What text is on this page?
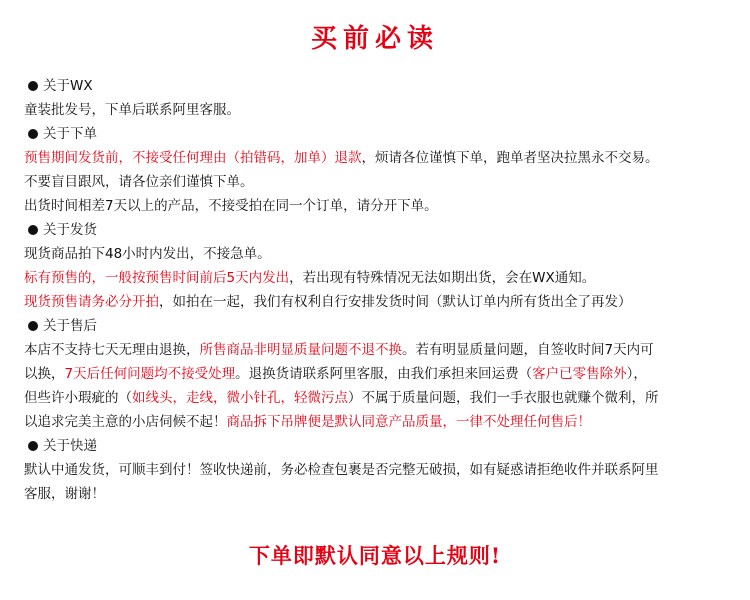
买前必读
关于WX
童装批发号，下单后联系阿里客服。
关于下单
预售期间发货前，不接受任何理由（拍错码，加单）退款，烦请各位谨慎下单，跑单者坚决拉黑永不交易。
不要盲目跟风，请各位亲们谨慎下单。
出货时间相差7天以上的产品，不接受拍在同一个订单，请分开下单。
关于发货
现货商品拍下48小时内发出，不接急单。
标有预售的，一般按预售时间前后5天内发出，若出现有特殊情况无法如期出货，会在WX通知。
现货预售请务必分开拍，如拍在一起，我们有权利自行安排发货时间（默认订单内所有货出全了再发）
关于售后
本店不支持七天无理由退换，所售商品非明显质量问题不退不换。若有明显质量问题，自签收时间7天内可
以换，7天后任何问题均不接受处理。退换货请联系阿里客服，由我们承担来回运费（客户已零售除外），
但些许小瑕疵的（如线头，走线，微小针孔，轻微污点）不属于质量问题，我们一手衣服也就赚个微利，所
以追求完美主意的小店伺候不起！商品拆下吊牌便是默认同意产品质量，一律不处理任何售后！
关于快递
默认中通发货，可顺丰到付！签收快递前，务必检查包裹是否完整无破损，如有疑惑请拒绝收件并联系阿里
客服，谢谢！
下单即默认同意以上规则!
